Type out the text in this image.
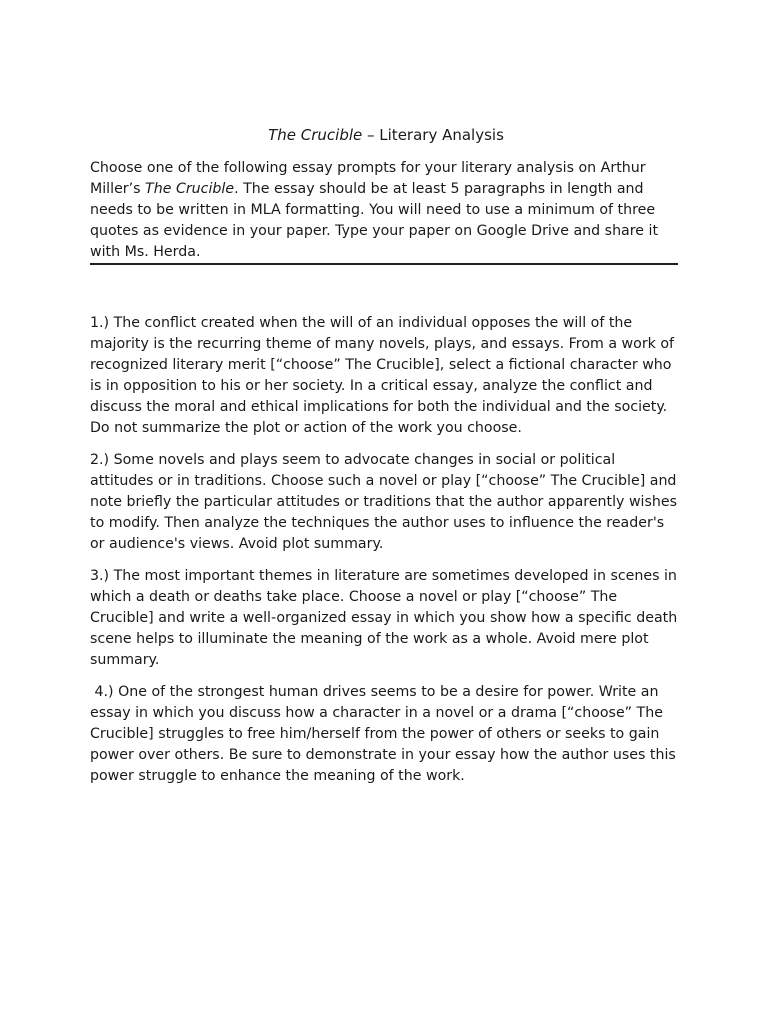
The Crucible – Literary Analysis

Choose one of the following essay prompts for your literary analysis on Arthur Miller’s The Crucible. The essay should be at least 5 paragraphs in length and needs to be written in MLA formatting. You will need to use a minimum of three quotes as evidence in your paper. Type your paper on Google Drive and share it with Ms. Herda.

1.) The conflict created when the will of an individual opposes the will of the majority is the recurring theme of many novels, plays, and essays. From a work of recognized literary merit [“choose” The Crucible], select a fictional character who is in opposition to his or her society. In a critical essay, analyze the conflict and discuss the moral and ethical implications for both the individual and the society. Do not summarize the plot or action of the work you choose.

2.) Some novels and plays seem to advocate changes in social or political attitudes or in traditions. Choose such a novel or play [“choose” The Crucible] and note briefly the particular attitudes or traditions that the author apparently wishes to modify. Then analyze the techniques the author uses to influence the reader's or audience's views. Avoid plot summary.

3.) The most important themes in literature are sometimes developed in scenes in which a death or deaths take place. Choose a novel or play [“choose” The Crucible] and write a well-organized essay in which you show how a specific death scene helps to illuminate the meaning of the work as a whole. Avoid mere plot summary.

4.) One of the strongest human drives seems to be a desire for power. Write an essay in which you discuss how a character in a novel or a drama [“choose” The Crucible] struggles to free him/herself from the power of others or seeks to gain power over others. Be sure to demonstrate in your essay how the author uses this power struggle to enhance the meaning of the work.
